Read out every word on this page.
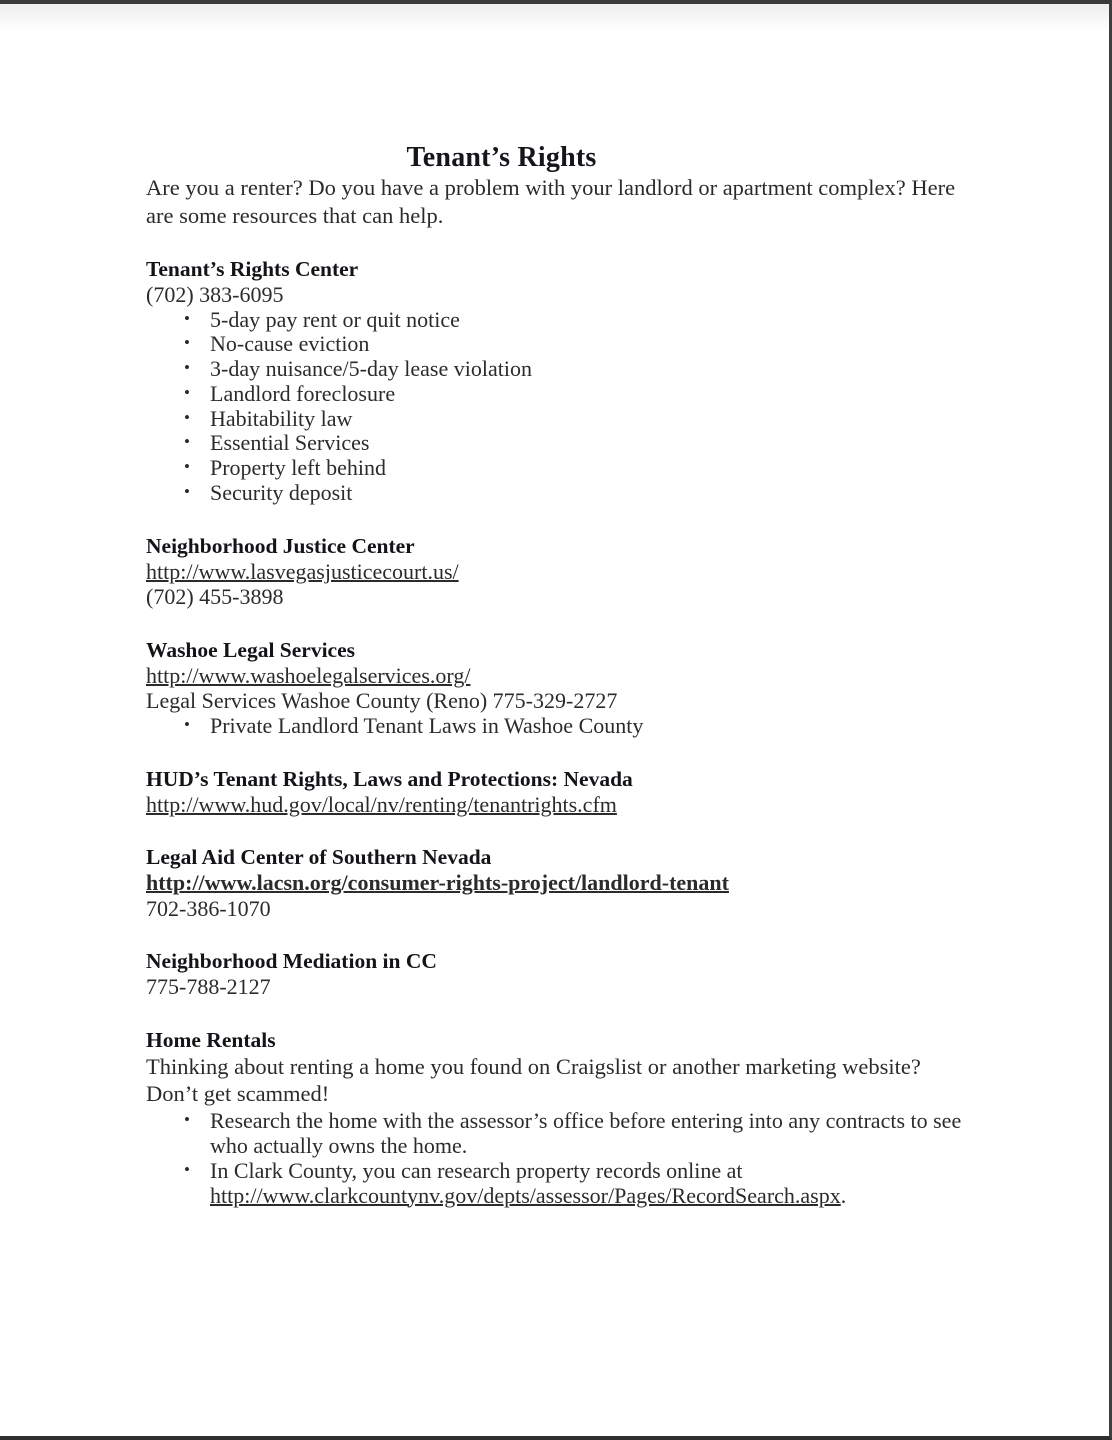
Tenant’s Rights

Are you a renter? Do you have a problem with your landlord or apartment complex? Here are some resources that can help.

Tenant’s Rights Center
(702) 383-6095
• 5-day pay rent or quit notice
• No-cause eviction
• 3-day nuisance/5-day lease violation
• Landlord foreclosure
• Habitability law
• Essential Services
• Property left behind
• Security deposit
Neighborhood Justice Center
http://www.lasvegasjusticecourt.us/
(702) 455-3898
Washoe Legal Services
http://www.washoelegalservices.org/
Legal Services Washoe County (Reno) 775-329-2727
• Private Landlord Tenant Laws in Washoe County
HUD’s Tenant Rights, Laws and Protections: Nevada
http://www.hud.gov/local/nv/renting/tenantrights.cfm
Legal Aid Center of Southern Nevada
http://www.lacsn.org/consumer-rights-project/landlord-tenant
702-386-1070
Neighborhood Mediation in CC
775-788-2127
Home Rentals

Thinking about renting a home you found on Craigslist or another marketing website? Don’t get scammed!

• Research the home with the assessor’s office before entering into any contracts to see who actually owns the home.
• In Clark County, you can research property records online at http://www.clarkcountynv.gov/depts/assessor/Pages/RecordSearch.aspx.
